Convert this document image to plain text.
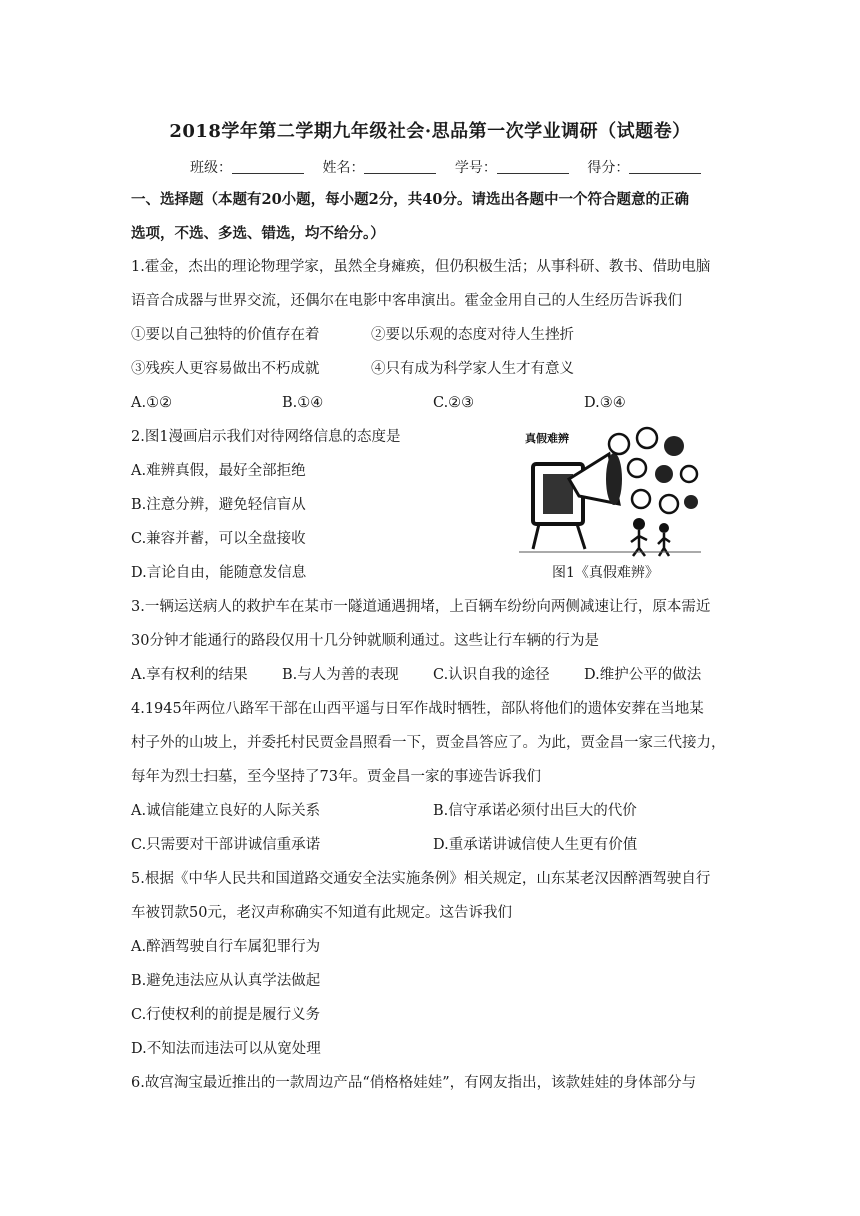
2018学年第二学期九年级社会·思品第一次学业调研（试题卷）
班级：	姓名：	学号：	得分：
一、选择题（本题有20小题，每小题2分，共40分。请选出各题中一个符合题意的正确
选项，不选、多选、错选，均不给分。）
1.霍金，杰出的理论物理学家，虽然全身瘫痪，但仍积极生活；从事科研、教书、借助电脑
语音合成器与世界交流，还偶尔在电影中客串演出。霍金金用自己的人生经历告诉我们
①要以自己独特的价值存在着	②要以乐观的态度对待人生挫折
③残疾人更容易做出不朽成就	④只有成为科学家人生才有意义
A.①②	B.①④	C.②③	D.③④
2.图1漫画启示我们对待网络信息的态度是
A.难辨真假，最好全部拒绝
B.注意分辨，避免轻信盲从
C.兼容并蓄，可以全盘接收
D.言论自由，能随意发信息
真假难辨
图1《真假难辨》
3.一辆运送病人的救护车在某市一隧道通遇拥堵，上百辆车纷纷向两侧减速让行，原本需近
30分钟才能通行的路段仅用十几分钟就顺利通过。这些让行车辆的行为是
A.享有权利的结果 B.与人为善的表现 C.认识自我的途径 D.维护公平的做法
4.1945年两位八路军干部在山西平遥与日军作战时牺牲，部队将他们的遗体安葬在当地某
村子外的山坡上，并委托村民贾金昌照看一下，贾金昌答应了。为此，贾金昌一家三代接力，
每年为烈士扫墓，至今坚持了73年。贾金昌一家的事迹告诉我们
A.诚信能建立良好的人际关系	B.信守承诺必须付出巨大的代价
C.只需要对干部讲诚信重承诺	D.重承诺讲诚信使人生更有价值
5.根据《中华人民共和国道路交通安全法实施条例》相关规定，山东某老汉因醉酒驾驶自行
车被罚款50元，老汉声称确实不知道有此规定。这告诉我们
A.醉酒驾驶自行车属犯罪行为
B.避免违法应从认真学法做起
C.行使权利的前提是履行义务
D.不知法而违法可以从宽处理
6.故宫淘宝最近推出的一款周边产品“俏格格娃娃”，有网友指出，该款娃娃的身体部分与
